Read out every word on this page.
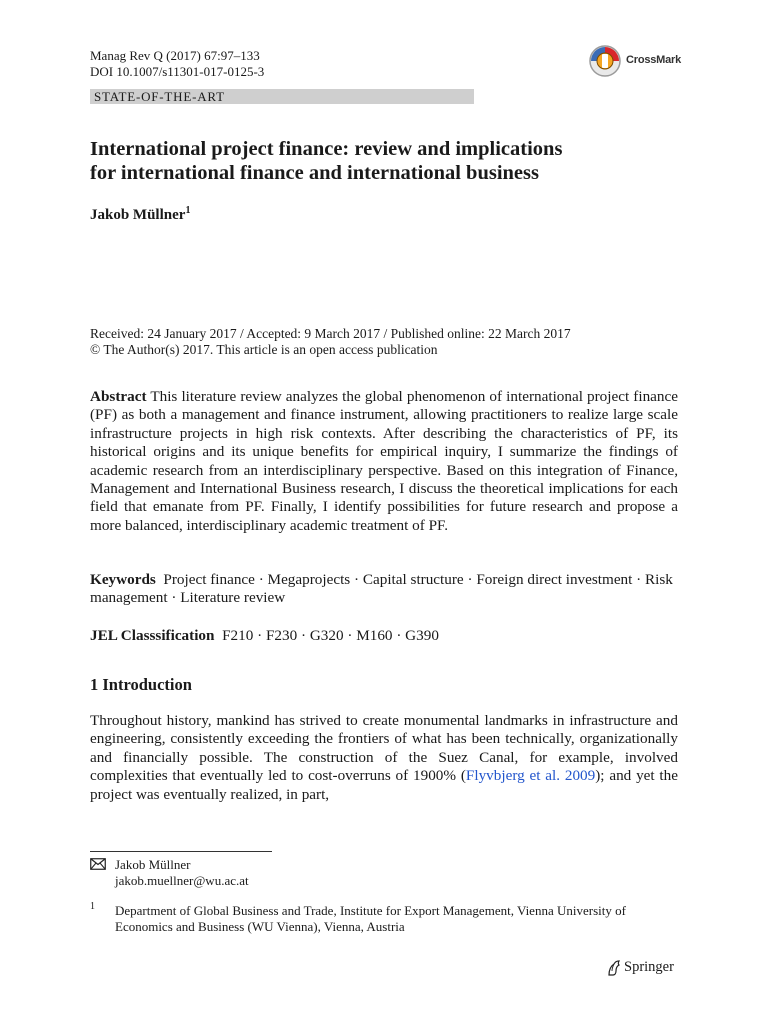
Manag Rev Q (2017) 67:97–133
DOI 10.1007/s11301-017-0125-3
CrossMark
STATE-OF-THE-ART
International project finance: review and implications
for international finance and international business
Jakob Müllner$^1$
Received: 24 January 2017 / Accepted: 9 March 2017 / Published online: 22 March 2017
© The Author(s) 2017. This article is an open access publication
Abstract This literature review analyzes the global phenomenon of international project finance (PF) as both a management and finance instrument, allowing practitioners to realize large scale infrastructure projects in high risk contexts. After describing the characteristics of PF, its historical origins and its unique benefits for empirical inquiry, I summarize the findings of academic research from an interdisciplinary perspective. Based on this integration of Finance, Management and International Business research, I discuss the theoretical implications for each field that emanate from PF. Finally, I identify possibilities for future research and propose a more balanced, interdisciplinary academic treatment of PF.
Keywords Project finance · Megaprojects · Capital structure · Foreign direct investment · Risk management · Literature review
JEL Classsification F210 · F230 · G320 · M160 · G390
1 Introduction
Throughout history, mankind has strived to create monumental landmarks in infrastructure and engineering, consistently exceeding the frontiers of what has been technically, organizationally and financially possible. The construction of the Suez Canal, for example, involved complexities that eventually led to cost-overruns of 1900% (Flyvbjerg et al. 2009); and yet the project was eventually realized, in part,
Jakob Müllner
jakob.muellner@wu.ac.at
1 Department of Global Business and Trade, Institute for Export Management, Vienna University of Economics and Business (WU Vienna), Vienna, Austria
Springer
